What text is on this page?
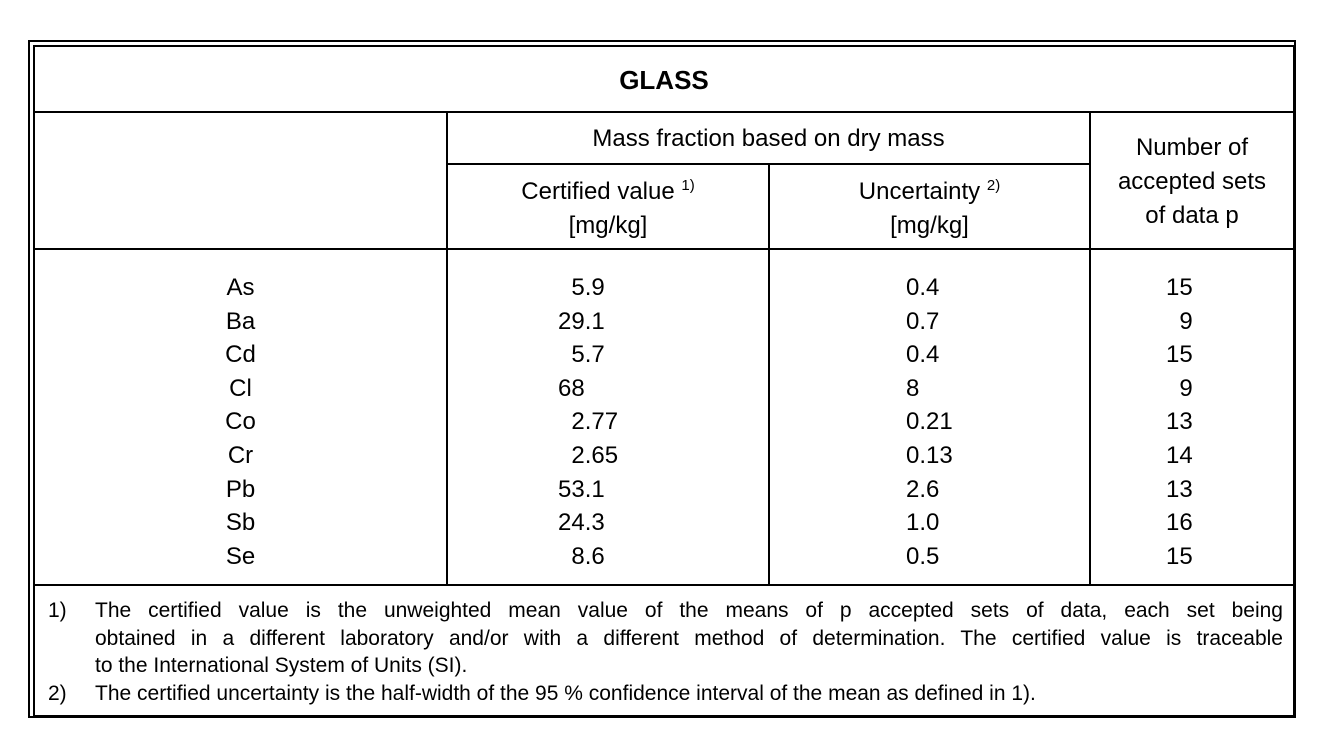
GLASS
Mass fraction based on dry mass
Certified value $^{1)}$
[mg/kg]
Uncertainty $^{2)}$
[mg/kg]
Number of
accepted sets
of data p
As
Ba
Cd
Cl
Co
Cr
Pb
Sb
Se
 5.9
29.1
 5.7
68
 2.77
 2.65
53.1
24.3
 8.6
0.4
0.7
0.4
8
0.21
0.13
2.6
1.0
0.5
15
 9
15
 9
13
14
13
16
15
1) The certified value is the unweighted mean value of the means of p accepted sets of data, each set being
obtained in a different laboratory and/or with a different method of determination. The certified value is traceable
to the International System of Units (SI).
2) The certified uncertainty is the half-width of the 95 % confidence interval of the mean as defined in 1).
